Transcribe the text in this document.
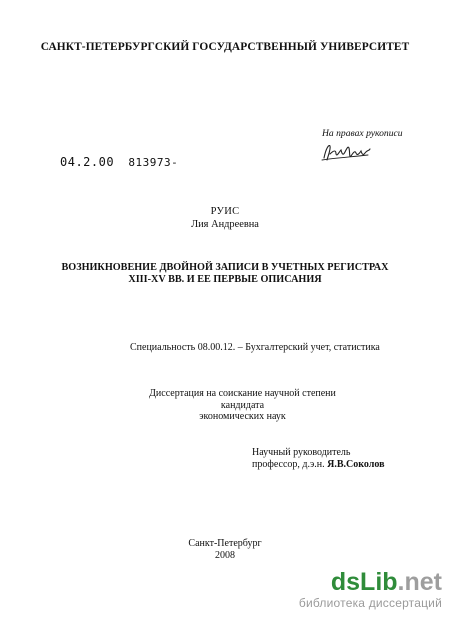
САНКТ-ПЕТЕРБУРГСКИЙ ГОСУДАРСТВЕННЫЙ УНИВЕРСИТЕТ
На правах рукописи
04.2.00 813973-
РУИС
Лия Андреевна
ВОЗНИКНОВЕНИЕ ДВОЙНОЙ ЗАПИСИ В УЧЕТНЫХ РЕГИСТРАХ XIII-XV ВВ. И ЕЕ ПЕРВЫЕ ОПИСАНИЯ
Специальность 08.00.12. – Бухгалтерский учет, статистика
Диссертация на соискание научной степени кандидата
экономических наук
Научный руководитель
профессор, д.э.н. Я.В.Соколов
Санкт-Петербург
2008
dsLib.net
библиотека диссертаций
